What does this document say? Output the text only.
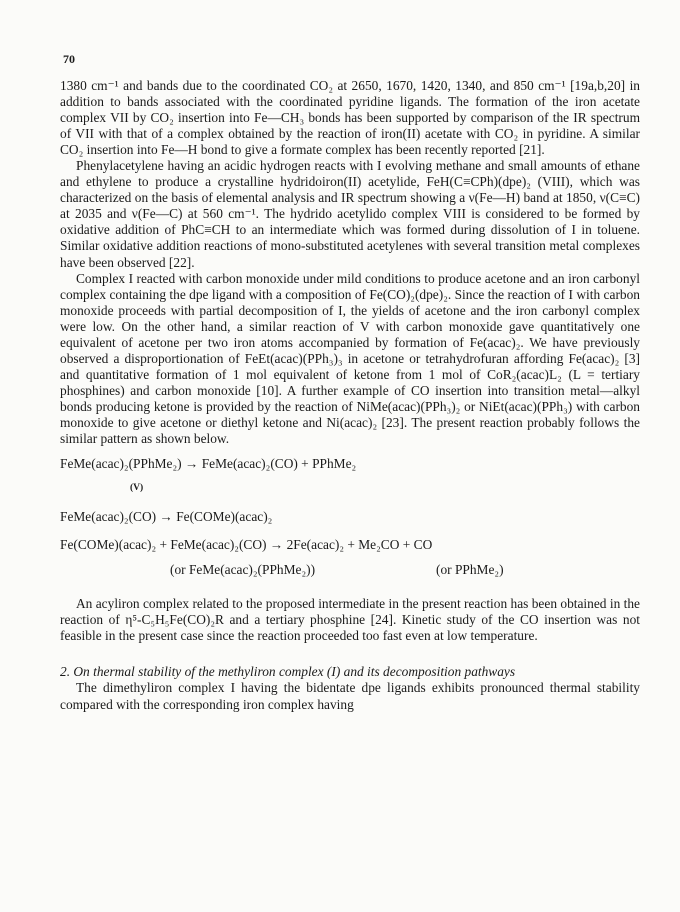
70

1380 cm⁻¹ and bands due to the coordinated CO₂ at 2650, 1670, 1420, 1340, and 850 cm⁻¹ [19a,b,20] in addition to bands associated with the coordinated pyridine ligands. The formation of the iron acetate complex VII by CO₂ insertion into Fe—CH₃ bonds has been supported by comparison of the IR spectrum of VII with that of a complex obtained by the reaction of iron(II) acetate with CO₂ in pyridine. A similar CO₂ insertion into Fe—H bond to give a formate complex has been recently reported [21].

Phenylacetylene having an acidic hydrogen reacts with I evolving methane and small amounts of ethane and ethylene to produce a crystalline hydridoiron(II) acetylide, FeH(C≡CPh)(dpe)₂ (VIII), which was characterized on the basis of elemental analysis and IR spectrum showing a ν(Fe—H) band at 1850, ν(C≡C) at 2035 and ν(Fe—C) at 560 cm⁻¹. The hydrido acetylido complex VIII is considered to be formed by oxidative addition of PhC≡CH to an intermediate which was formed during dissolution of I in toluene. Similar oxidative addition reactions of mono-substituted acetylenes with several transition metal complexes have been observed [22].

Complex I reacted with carbon monoxide under mild conditions to produce acetone and an iron carbonyl complex containing the dpe ligand with a composition of Fe(CO)₂(dpe)₂. Since the reaction of I with carbon monoxide proceeds with partial decomposition of I, the yields of acetone and the iron carbonyl complex were low. On the other hand, a similar reaction of V with carbon monoxide gave quantitatively one equivalent of acetone per two iron atoms accompanied by formation of Fe(acac)₂. We have previously observed a disproportionation of FeEt(acac)(PPh₃)₃ in acetone or tetrahydrofuran affording Fe(acac)₂ [3] and quantitative formation of 1 mol equivalent of ketone from 1 mol of CoR₂(acac)L₂ (L = tertiary phosphines) and carbon monoxide [10]. A further example of CO insertion into transition metal—alkyl bonds producing ketone is provided by the reaction of NiMe(acac)(PPh₃)₂ or NiEt(acac)(PPh₃) with carbon monoxide to give acetone or diethyl ketone and Ni(acac)₂ [23]. The present reaction probably follows the similar pattern as shown below.

FeMe(acac)₂(PPhMe₂) → FeMe(acac)₂(CO) + PPhMe₂
(V)
FeMe(acac)₂(CO) → Fe(COMe)(acac)₂
Fe(COMe)(acac)₂ + FeMe(acac)₂(CO) → 2Fe(acac)₂ + Me₂CO + CO
(or FeMe(acac)₂(PPhMe₂))	(or PPhMe₂)

An acyliron complex related to the proposed intermediate in the present reaction has been obtained in the reaction of η⁵-C₅H₅Fe(CO)₂R and a tertiary phosphine [24]. Kinetic study of the CO insertion was not feasible in the present case since the reaction proceeded too fast even at low temperature.

2. On thermal stability of the methyliron complex (I) and its decomposition pathways

The dimethyliron complex I having the bidentate dpe ligands exhibits pronounced thermal stability compared with the corresponding iron complex having
